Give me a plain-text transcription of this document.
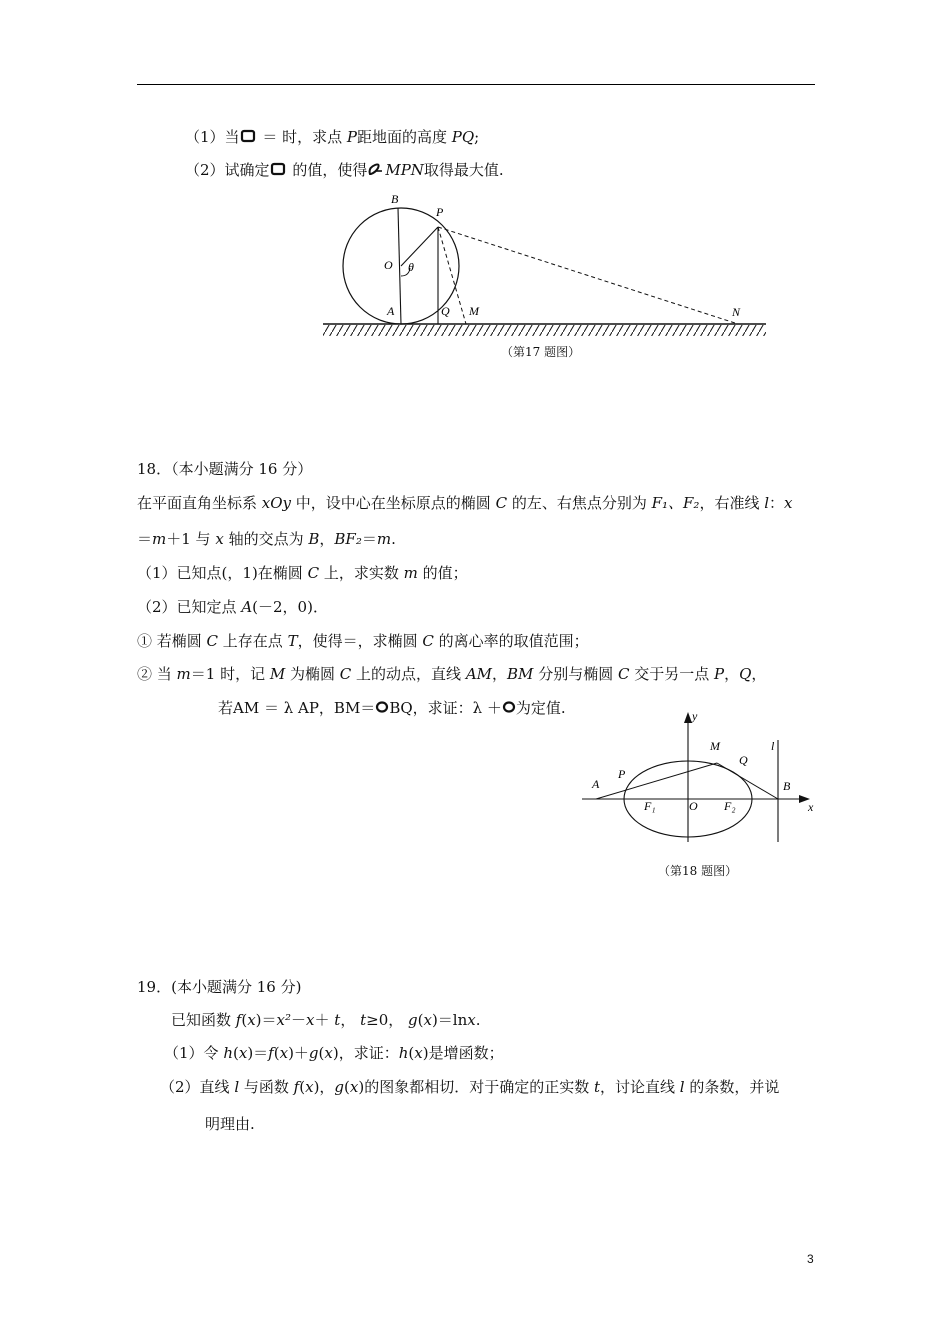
（1）当 ＝ 时，求点 P距地面的高度 PQ;
（2）试确定 的值，使得 MPN取得最大值.
B
P
O θ
A	Q M	N
（第17 题图）
18．（本小题满分 16 分）
在平面直角坐标系 xOy 中，设中心在坐标原点的椭圆 C 的左、右焦点分别为 F₁、F₂，右准线 l：x
＝m＋1 与 x 轴的交点为 B，BF₂＝m.
（1）已知点(，1)在椭圆 C 上，求实数 m 的值；
（2）已知定点 A(－2，0)．
① 若椭圆 C 上存在点 T，使得＝，求椭圆 C 的离心率的取值范围；
② 当 m＝1 时，记 M 为椭圆 C 上的动点，直线 AM，BM 分别与椭圆 C 交于另一点 P，Q，
若AM ＝ λ AP，BM＝ BQ，求证：λ ＋ 为定值.	y
M	l
Q
A
P
B
F₁	O F₂	x
（第18 题图）
19．(本小题满分 16 分)
已知函数 f(x)＝x²－x＋ t， t≥0， g(x)＝lnx.
（1）令 h(x)＝f(x)＋g(x)，求证：h(x)是增函数；
（2）直线 l 与函数 f(x)，g(x)的图象都相切．对于确定的正实数 t，讨论直线 l 的条数，并说
明理由.
3
